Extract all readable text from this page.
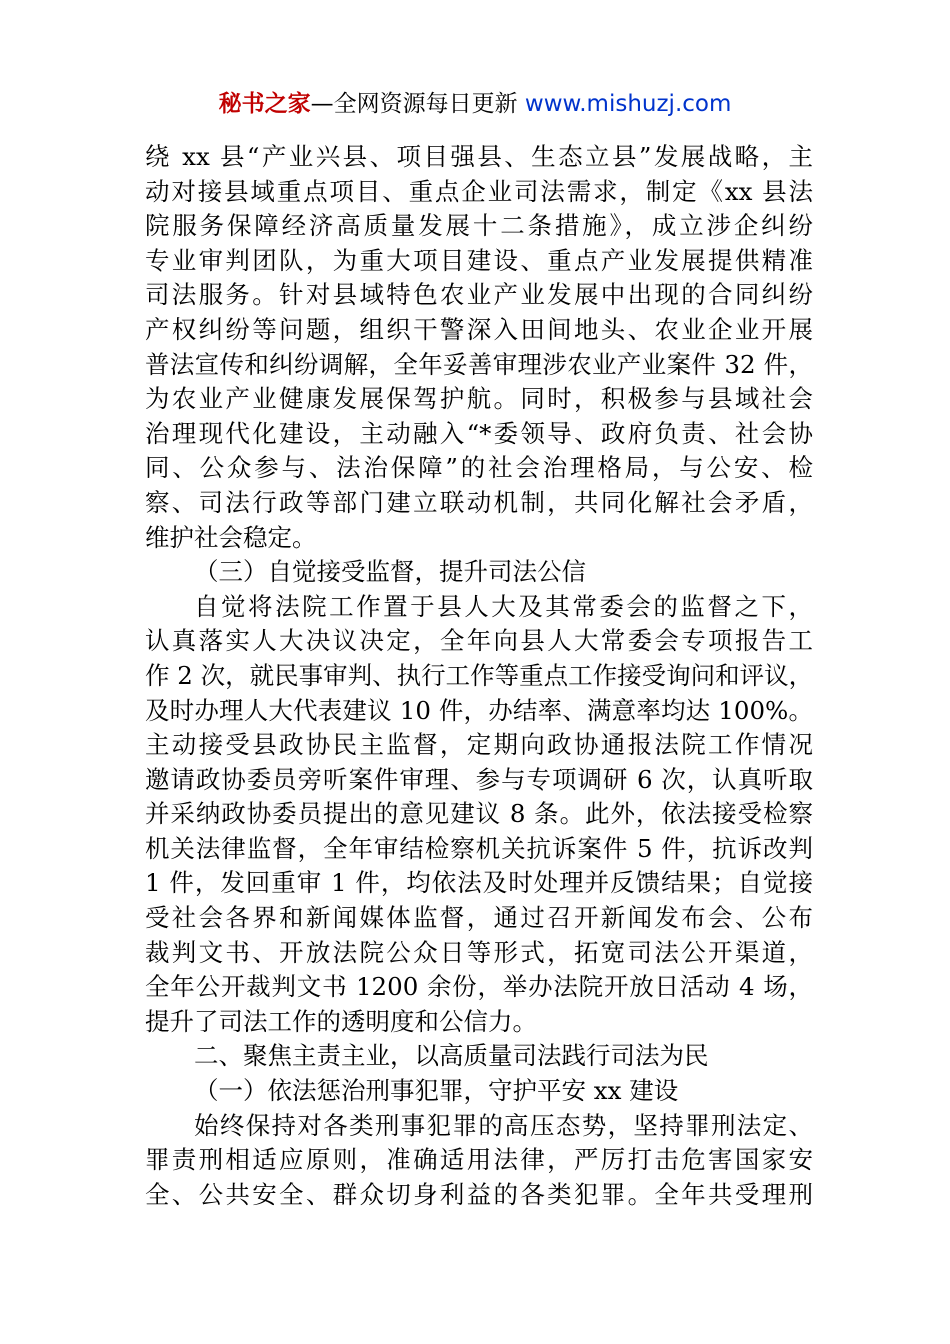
秘书之家—全网资源每日更新 www.mishuzj.com
绕 xx 县“产业兴县、项目强县、生态立县”发展战略，主
动对接县域重点项目、重点企业司法需求，制定《xx 县法
院服务保障经济高质量发展十二条措施》，成立涉企纠纷
专业审判团队，为重大项目建设、重点产业发展提供精准
司法服务。针对县域特色农业产业发展中出现的合同纠纷
产权纠纷等问题，组织干警深入田间地头、农业企业开展
普法宣传和纠纷调解，全年妥善审理涉农业产业案件 32 件，
为农业产业健康发展保驾护航。同时，积极参与县域社会
治理现代化建设，主动融入“*委领导、政府负责、社会协
同、公众参与、法治保障”的社会治理格局，与公安、检
察、司法行政等部门建立联动机制，共同化解社会矛盾，
维护社会稳定。
（三）自觉接受监督，提升司法公信
自觉将法院工作置于县人大及其常委会的监督之下，
认真落实人大决议决定，全年向县人大常委会专项报告工
作 2 次，就民事审判、执行工作等重点工作接受询问和评议，
及时办理人大代表建议 10 件，办结率、满意率均达 100%。
主动接受县政协民主监督，定期向政协通报法院工作情况
邀请政协委员旁听案件审理、参与专项调研 6 次，认真听取
并采纳政协委员提出的意见建议 8 条。此外，依法接受检察
机关法律监督，全年审结检察机关抗诉案件 5 件，抗诉改判
1 件，发回重审 1 件，均依法及时处理并反馈结果；自觉接
受社会各界和新闻媒体监督，通过召开新闻发布会、公布
裁判文书、开放法院公众日等形式，拓宽司法公开渠道，
全年公开裁判文书 1200 余份，举办法院开放日活动 4 场，
提升了司法工作的透明度和公信力。
二、聚焦主责主业，以高质量司法践行司法为民
（一）依法惩治刑事犯罪，守护平安 xx 建设
始终保持对各类刑事犯罪的高压态势，坚持罪刑法定、
罪责刑相适应原则，准确适用法律，严厉打击危害国家安
全、公共安全、群众切身利益的各类犯罪。全年共受理刑
